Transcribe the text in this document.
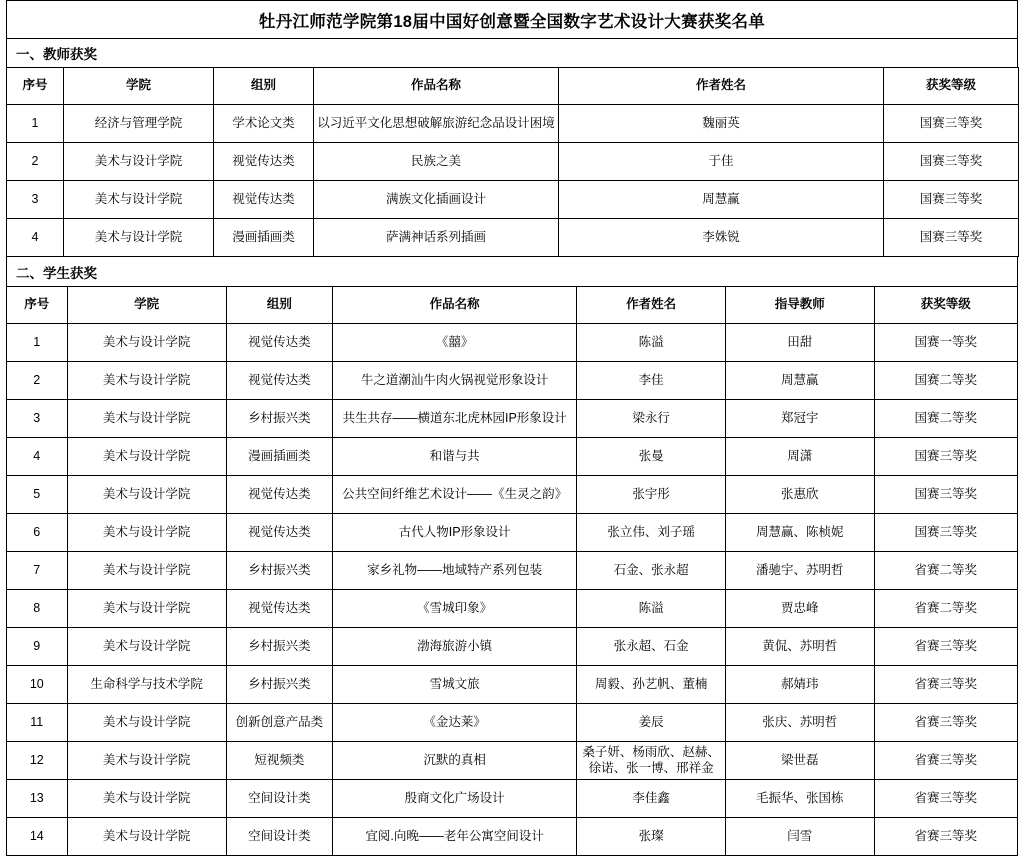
牡丹江师范学院第18届中国好创意暨全国数字艺术设计大赛获奖名单
一、教师获奖
序号	学院	组别	作品名称	作者姓名	获奖等级
1	经济与管理学院	学术论文类	以习近平文化思想破解旅游纪念品设计困境	魏丽英	国赛三等奖
2	美术与设计学院	视觉传达类	民族之美	于佳	国赛三等奖
3	美术与设计学院	视觉传达类	满族文化插画设计	周慧赢	国赛三等奖
4	美术与设计学院	漫画插画类	萨满神话系列插画	李姝锐	国赛三等奖
二、学生获奖
序号	学院	组别	作品名称	作者姓名	指导教师	获奖等级
1	美术与设计学院	视觉传达类	《囍》	陈溢	田甜	国赛一等奖
2	美术与设计学院	视觉传达类	牛之道潮汕牛肉火锅视觉形象设计	李佳	周慧赢	国赛二等奖
3	美术与设计学院	乡村振兴类	共生共存——横道东北虎林园IP形象设计	梁永行	郑冠宇	国赛二等奖
4	美术与设计学院	漫画插画类	和谐与共	张曼	周潇	国赛三等奖
5	美术与设计学院	视觉传达类	公共空间纤维艺术设计——《生灵之韵》	张宇彤	张惠欣	国赛三等奖
6	美术与设计学院	视觉传达类	古代人物IP形象设计	张立伟、刘子瑶	周慧赢、陈桢妮	国赛三等奖
7	美术与设计学院	乡村振兴类	家乡礼物——地域特产系列包装	石金、张永超	潘驰宇、苏明哲	省赛二等奖
8	美术与设计学院	视觉传达类	《雪城印象》	陈溢	贾忠峰	省赛二等奖
9	美术与设计学院	乡村振兴类	渤海旅游小镇	张永超、石金	黄侃、苏明哲	省赛三等奖
10	生命科学与技术学院	乡村振兴类	雪城文旅	周毅、孙艺帆、董楠	郝婧玮	省赛三等奖
11	美术与设计学院	创新创意产品类	《金达莱》	姜辰	张庆、苏明哲	省赛三等奖
12	美术与设计学院	短视频类	沉默的真相	桑子妍、杨雨欣、赵赫、徐诺、张一博、邢祥金	梁世磊	省赛三等奖
13	美术与设计学院	空间设计类	殷商文化广场设计	李佳鑫	毛振华、张国栋	省赛三等奖
14	美术与设计学院	空间设计类	宜阅.向晚——老年公寓空间设计	张璨	闫雪	省赛三等奖
